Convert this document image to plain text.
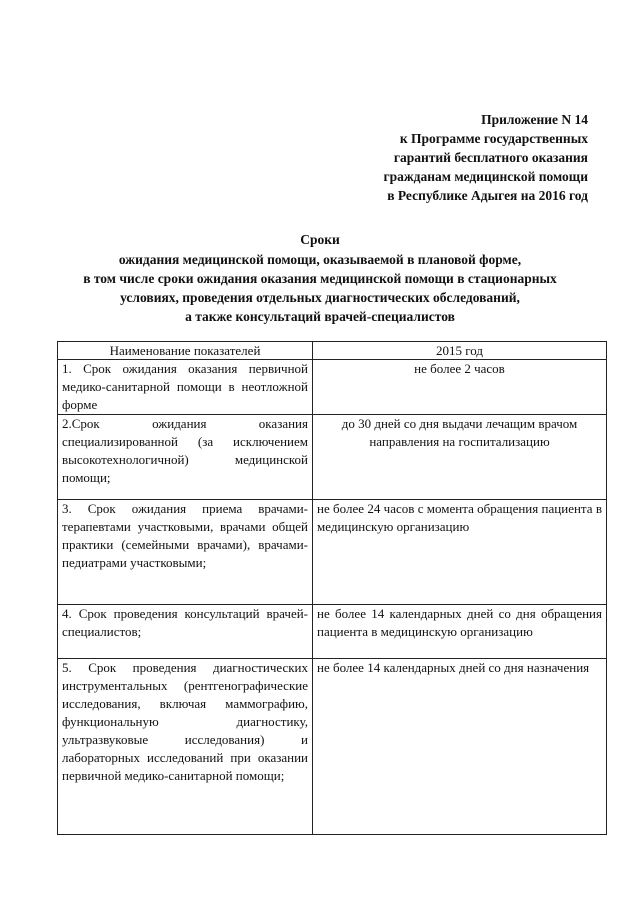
Приложение N 14
к Программе государственных
гарантий бесплатного оказания
гражданам медицинской помощи
в Республике Адыгея на 2016 год
Сроки
ожидания медицинской помощи, оказываемой в плановой форме,
в том числе сроки ожидания оказания медицинской помощи в стационарных
условиях, проведения отдельных диагностических обследований,
а также консультаций врачей-специалистов
Наименование показателей	2015 год
1. Срок ожидания оказания первичной медико-санитарной помощи в неотложной форме	не более 2 часов
2.Срок ожидания оказания специализированной (за исключением высокотехнологичной) медицинской помощи;	до 30 дней со дня выдачи лечащим врачом направления на госпитализацию
3. Срок ожидания приема врачами-терапевтами участковыми, врачами общей практики (семейными врачами), врачами-педиатрами участковыми;	не более 24 часов с момента обращения пациента в медицинскую организацию
4. Срок проведения консультаций врачей-специалистов;	не более 14 календарных дней со дня обращения пациента в медицинскую организацию
5. Срок проведения диагностических инструментальных (рентгенографические исследования, включая маммографию, функциональную диагностику, ультразвуковые исследования) и лабораторных исследований при оказании первичной медико-санитарной помощи;	не более 14 календарных дней со дня назначения
